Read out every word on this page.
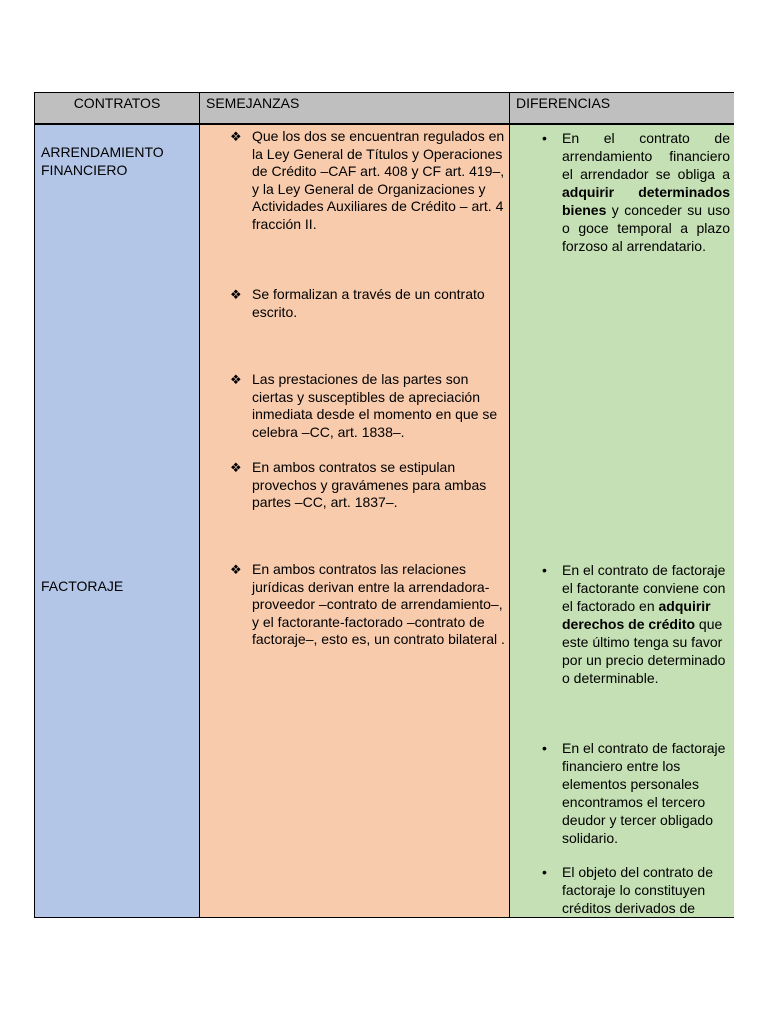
CONTRATOS	SEMEJANZAS	DIFERENCIAS
ARRENDAMIENTO FINANCIERO
FACTORAJE
❖ Que los dos se encuentran regulados en la Ley General de Títulos y Operaciones de Crédito –CAF art. 408 y CF art. 419–, y la Ley General de Organizaciones y Actividades Auxiliares de Crédito – art. 4 fracción II.
❖ Se formalizan a través de un contrato escrito.
❖ Las prestaciones de las partes son ciertas y susceptibles de apreciación inmediata desde el momento en que se celebra –CC, art. 1838–.
❖ En ambos contratos se estipulan provechos y gravámenes para ambas partes –CC, art. 1837–.
❖ En ambos contratos las relaciones jurídicas derivan entre la arrendadora-proveedor –contrato de arrendamiento–, y el factorante-factorado –contrato de factoraje–, esto es, un contrato bilateral .
• En el contrato de arrendamiento financiero el arrendador se obliga a adquirir determinados bienes y conceder su uso o goce temporal a plazo forzoso al arrendatario.
• En el contrato de factoraje el factorante conviene con el factorado en adquirir derechos de crédito que este último tenga su favor por un precio determinado o determinable.
• En el contrato de factoraje financiero entre los elementos personales encontramos el tercero deudor y tercer obligado solidario.
• El objeto del contrato de factoraje lo constituyen créditos derivados de
